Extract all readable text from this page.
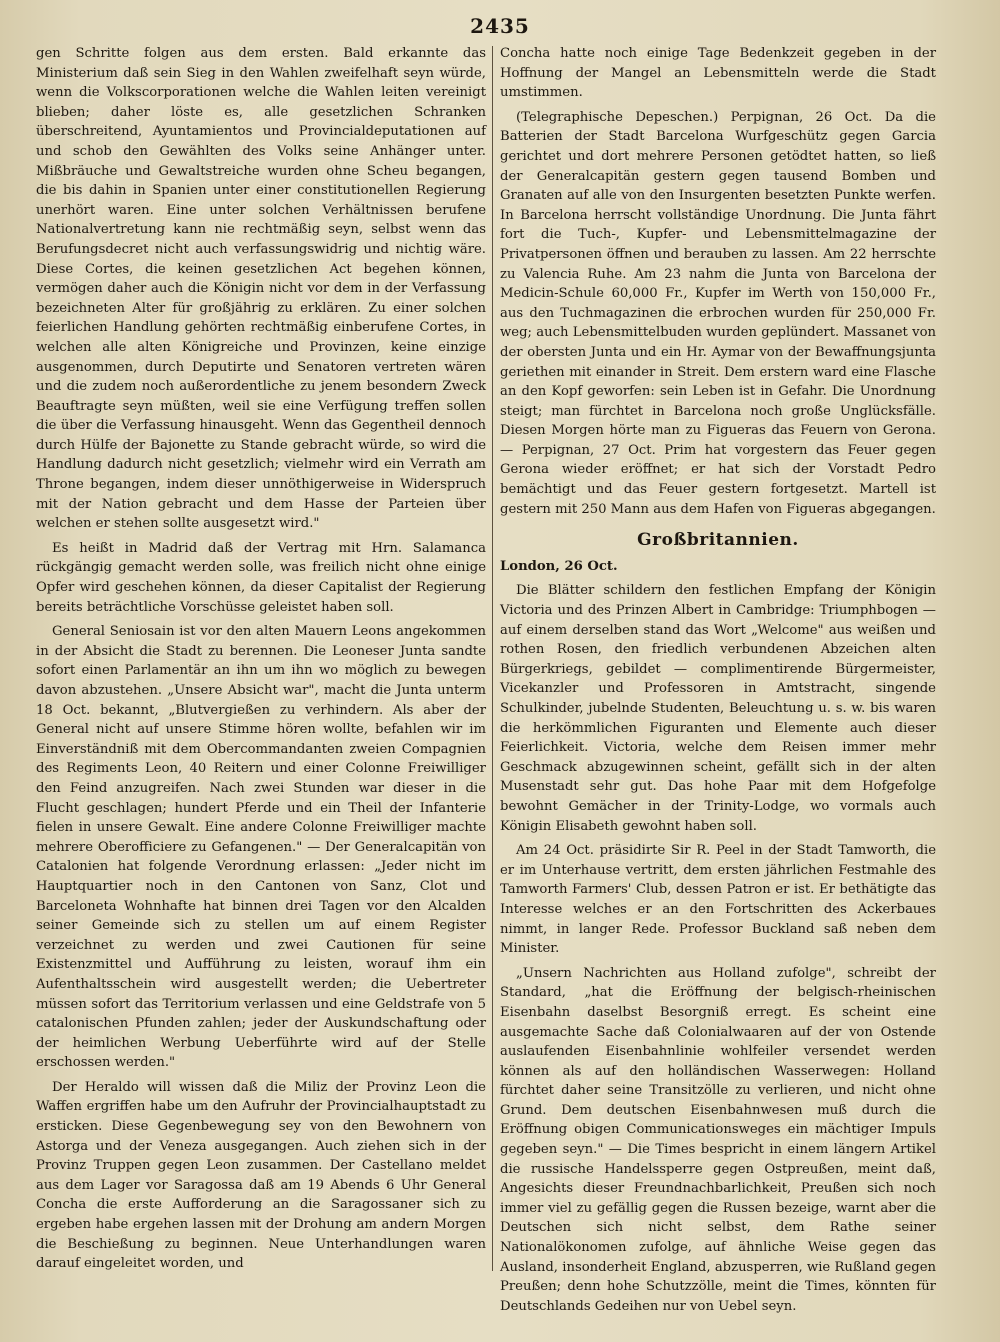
2435

gen Schritte folgen aus dem ersten. Bald erkannte das Ministerium daß sein Sieg in den Wahlen zweifelhaft seyn würde, wenn die Volkscorporationen welche die Wahlen leiten vereinigt blieben; daher löste es, alle gesetzlichen Schranken überschreitend, Ayuntamientos und Provincialdeputationen auf und schob den Gewählten des Volks seine Anhänger unter. Mißbräuche und Gewaltstreiche wurden ohne Scheu begangen, die bis dahin in Spanien unter einer constitutionellen Regierung unerhört waren. Eine unter solchen Verhältnissen berufene Nationalvertretung kann nie rechtmäßig seyn, selbst wenn das Berufungsdecret nicht auch verfassungswidrig und nichtig wäre. Diese Cortes, die keinen gesetzlichen Act begehen können, vermögen daher auch die Königin nicht vor dem in der Verfassung bezeichneten Alter für großjährig zu erklären. Zu einer solchen feierlichen Handlung gehörten rechtmäßig einberufene Cortes, in welchen alle alten Königreiche und Provinzen, keine einzige ausgenommen, durch Deputirte und Senatoren vertreten wären und die zudem noch außerordentliche zu jenem besondern Zweck Beauftragte seyn müßten, weil sie eine Verfügung treffen sollen die über die Verfassung hinausgeht. Wenn das Gegentheil dennoch durch Hülfe der Bajonette zu Stande gebracht würde, so wird die Handlung dadurch nicht gesetzlich; vielmehr wird ein Verrath am Throne begangen, indem dieser unnöthigerweise in Widerspruch mit der Nation gebracht und dem Hasse der Parteien über welchen er stehen sollte ausgesetzt wird."

Es heißt in Madrid daß der Vertrag mit Hrn. Salamanca rückgängig gemacht werden solle, was freilich nicht ohne einige Opfer wird geschehen können, da dieser Capitalist der Regierung bereits beträchtliche Vorschüsse geleistet haben soll.

General Seniosain ist vor den alten Mauern Leons angekommen in der Absicht die Stadt zu berennen. Die Leoneser Junta sandte sofort einen Parlamentär an ihn um ihn wo möglich zu bewegen davon abzustehen. „Unsere Absicht war", macht die Junta unterm 18 Oct. bekannt, „Blutvergießen zu verhindern. Als aber der General nicht auf unsere Stimme hören wollte, befahlen wir im Einverständniß mit dem Obercommandanten zweien Compagnien des Regiments Leon, 40 Reitern und einer Colonne Freiwilliger den Feind anzugreifen. Nach zwei Stunden war dieser in die Flucht geschlagen; hundert Pferde und ein Theil der Infanterie fielen in unsere Gewalt. Eine andere Colonne Freiwilliger machte mehrere Oberofficiere zu Gefangenen." — Der Generalcapitän von Catalonien hat folgende Verordnung erlassen: „Jeder nicht im Hauptquartier noch in den Cantonen von Sanz, Clot und Barceloneta Wohnhafte hat binnen drei Tagen vor den Alcalden seiner Gemeinde sich zu stellen um auf einem Register verzeichnet zu werden und zwei Cautionen für seine Existenzmittel und Aufführung zu leisten, worauf ihm ein Aufenthaltsschein wird ausgestellt werden; die Uebertreter müssen sofort das Territorium verlassen und eine Geldstrafe von 5 catalonischen Pfunden zahlen; jeder der Auskundschaftung oder der heimlichen Werbung Ueberführte wird auf der Stelle erschossen werden."

Der Heraldo will wissen daß die Miliz der Provinz Leon die Waffen ergriffen habe um den Aufruhr der Provincialhauptstadt zu ersticken. Diese Gegenbewegung sey von den Bewohnern von Astorga und der Veneza ausgegangen. Auch ziehen sich in der Provinz Truppen gegen Leon zusammen. Der Castellano meldet aus dem Lager vor Saragossa daß am 19 Abends 6 Uhr General Concha die erste Aufforderung an die Saragossaner sich zu ergeben habe ergehen lassen mit der Drohung am andern Morgen die Beschießung zu beginnen. Neue Unterhandlungen waren darauf eingeleitet worden, und

Concha hatte noch einige Tage Bedenkzeit gegeben in der Hoffnung der Mangel an Lebensmitteln werde die Stadt umstimmen.

(Telegraphische Depeschen.) Perpignan, 26 Oct. Da die Batterien der Stadt Barcelona Wurfgeschütz gegen Garcia gerichtet und dort mehrere Personen getödtet hatten, so ließ der Generalcapitän gestern gegen tausend Bomben und Granaten auf alle von den Insurgenten besetzten Punkte werfen. In Barcelona herrscht vollständige Unordnung. Die Junta fährt fort die Tuch-, Kupfer- und Lebensmittelmagazine der Privatpersonen öffnen und berauben zu lassen. Am 22 herrschte zu Valencia Ruhe. Am 23 nahm die Junta von Barcelona der Medicin-Schule 60,000 Fr., Kupfer im Werth von 150,000 Fr., aus den Tuchmagazinen die erbrochen wurden für 250,000 Fr. weg; auch Lebensmittelbuden wurden geplündert. Massanet von der obersten Junta und ein Hr. Aymar von der Bewaffnungsjunta geriethen mit einander in Streit. Dem erstern ward eine Flasche an den Kopf geworfen: sein Leben ist in Gefahr. Die Unordnung steigt; man fürchtet in Barcelona noch große Unglücksfälle. Diesen Morgen hörte man zu Figueras das Feuern von Gerona. — Perpignan, 27 Oct. Prim hat vorgestern das Feuer gegen Gerona wieder eröffnet; er hat sich der Vorstadt Pedro bemächtigt und das Feuer gestern fortgesetzt. Martell ist gestern mit 250 Mann aus dem Hafen von Figueras abgegangen.

Großbritannien.

London, 26 Oct.

Die Blätter schildern den festlichen Empfang der Königin Victoria und des Prinzen Albert in Cambridge: Triumphbogen — auf einem derselben stand das Wort „Welcome" aus weißen und rothen Rosen, den friedlich verbundenen Abzeichen alten Bürgerkriegs, gebildet — complimentirende Bürgermeister, Vicekanzler und Professoren in Amtstracht, singende Schulkinder, jubelnde Studenten, Beleuchtung u. s. w. bis waren die herkömmlichen Figuranten und Elemente auch dieser Feierlichkeit. Victoria, welche dem Reisen immer mehr Geschmack abzugewinnen scheint, gefällt sich in der alten Musenstadt sehr gut. Das hohe Paar mit dem Hofgefolge bewohnt Gemächer in der Trinity-Lodge, wo vormals auch Königin Elisabeth gewohnt haben soll.

Am 24 Oct. präsidirte Sir R. Peel in der Stadt Tamworth, die er im Unterhause vertritt, dem ersten jährlichen Festmahle des Tamworth Farmers' Club, dessen Patron er ist. Er bethätigte das Interesse welches er an den Fortschritten des Ackerbaues nimmt, in langer Rede. Professor Buckland saß neben dem Minister.

„Unsern Nachrichten aus Holland zufolge", schreibt der Standard, „hat die Eröffnung der belgisch-rheinischen Eisenbahn daselbst Besorgniß erregt. Es scheint eine ausgemachte Sache daß Colonialwaaren auf der von Ostende auslaufenden Eisenbahnlinie wohlfeiler versendet werden können als auf den holländischen Wasserwegen: Holland fürchtet daher seine Transitzölle zu verlieren, und nicht ohne Grund. Dem deutschen Eisenbahnwesen muß durch die Eröffnung obigen Communicationsweges ein mächtiger Impuls gegeben seyn." — Die Times bespricht in einem längern Artikel die russische Handelssperre gegen Ostpreußen, meint daß, Angesichts dieser Freundnachbarlichkeit, Preußen sich noch immer viel zu gefällig gegen die Russen bezeige, warnt aber die Deutschen sich nicht selbst, dem Rathe seiner Nationalökonomen zufolge, auf ähnliche Weise gegen das Ausland, insonderheit England, abzusperren, wie Rußland gegen Preußen; denn hohe Schutzzölle, meint die Times, könnten für Deutschlands Gedeihen nur von Uebel seyn.
